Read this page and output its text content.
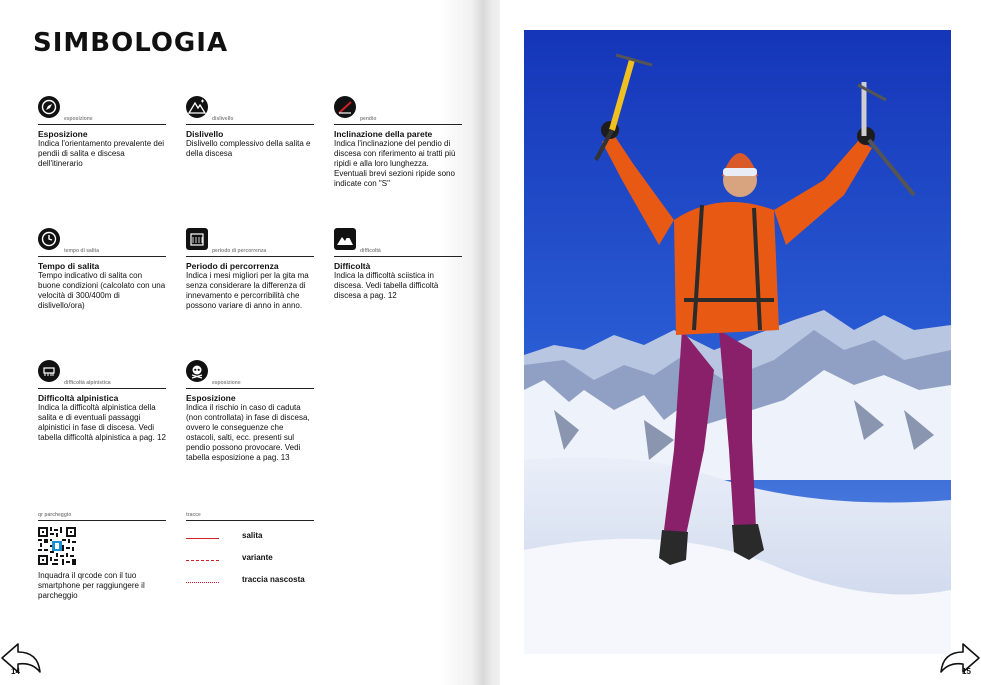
SIMBOLOGIA
esposizione
Esposizione
Indica l'orientamento prevalente dei pendii di salita e discesa dell'itinerario
dislivello
Dislivello
Dislivello complessivo della salita e della discesa
pendio
Inclinazione della parete
Indica l'inclinazione del pendio di discesa con riferimento ai tratti più ripidi e alla loro lunghezza. Eventuali brevi sezioni ripide sono indicate con "S"
tempo di salita
Tempo di salita
Tempo indicativo di salita con buone condizioni (calcolato con una velocità di 300/400m di dislivello/ora)
periodo di percorrenza
Periodo di percorrenza
Indica i mesi migliori per la gita ma senza considerare la differenza di innevamento e percorribilità che possono variare di anno in anno.
difficoltà
Difficoltà
Indica la difficoltà sciistica in discesa. Vedi tabella difficoltà discesa a pag. 12
difficoltà alpinistica
Difficoltà alpinistica
Indica la difficoltà alpinistica della salita e di eventuali passaggi alpinistici in fase di discesa. Vedi tabella difficoltà alpinistica a pag. 12
esposizione
Esposizione
Indica il rischio in caso di caduta (non controllata) in fase di discesa, ovvero le conseguenze che ostacoli, salti, ecc. presenti sul pendio possono provocare. Vedi tabella esposizione a pag. 13
qr parcheggio
Inquadra il qrcode con il tuo smartphone per raggiungere il parcheggio
tracce
salita
variante
traccia nascosta
14	15
